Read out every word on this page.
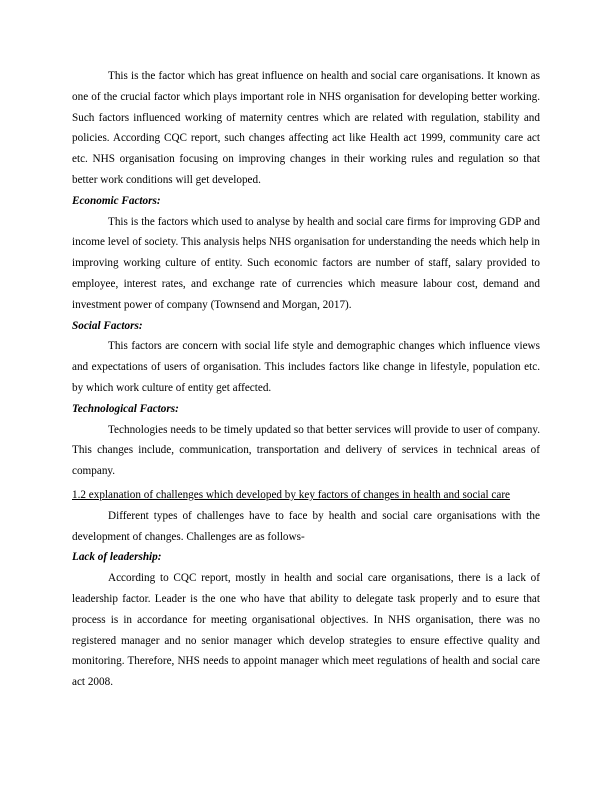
This is the factor which has great influence on health and social care organisations. It known as one of the crucial factor which plays important role in NHS organisation for developing better working. Such factors influenced working of maternity centres which are related with regulation, stability and policies. According CQC report, such changes affecting act like Health act 1999, community care act etc. NHS organisation focusing on improving changes in their working rules and regulation so that better work conditions will get developed.

Economic Factors:

This is the factors which used to analyse by health and social care firms for improving GDP and income level of society. This analysis helps NHS organisation for understanding the needs which help in improving working culture of entity. Such economic factors are number of staff, salary provided to employee, interest rates, and exchange rate of currencies which measure labour cost, demand and investment power of company (Townsend and Morgan, 2017).

Social Factors:

This factors are concern with social life style and demographic changes which influence views and expectations of users of organisation. This includes factors like change in lifestyle, population etc. by which work culture of entity get affected.

Technological Factors:

Technologies needs to be timely updated so that better services will provide to user of company. This changes include, communication, transportation and delivery of services in technical areas of company.

1.2 explanation of challenges which developed by key factors of changes in health and social care

Different types of challenges have to face by health and social care organisations with the development of changes. Challenges are as follows-

Lack of leadership:

According to CQC report, mostly in health and social care organisations, there is a lack of leadership factor. Leader is the one who have that ability to delegate task properly and to esure that process is in accordance for meeting organisational objectives. In NHS organisation, there was no registered manager and no senior manager which develop strategies to ensure effective quality and monitoring. Therefore, NHS needs to appoint manager which meet regulations of health and social care act 2008.
